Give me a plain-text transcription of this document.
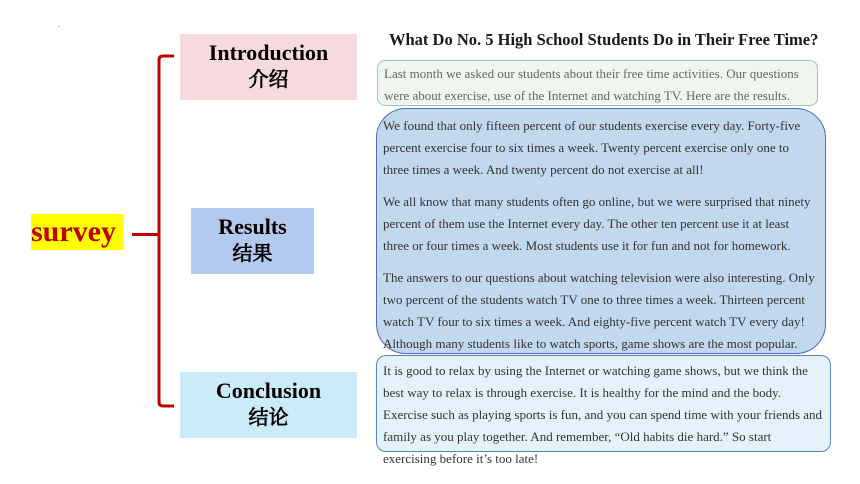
.
survey
Introduction
介绍
Results
结果
Conclusion
结论
What Do No. 5 High School Students Do in Their Free Time?
Last month we asked our students about their free time activities. Our questions were about exercise, use of the Internet and watching TV. Here are the results.

We found that only fifteen percent of our students exercise every day. Forty-five percent exercise four to six times a week. Twenty percent exercise only one to three times a week. And twenty percent do not exercise at all!

We all know that many students often go online, but we were surprised that ninety percent of them use the Internet every day. The other ten percent use it at least three or four times a week. Most students use it for fun and not for homework.

The answers to our questions about watching television were also interesting. Only two percent of the students watch TV one to three times a week. Thirteen percent watch TV four to six times a week. And eighty-five percent watch TV every day! Although many students like to watch sports, game shows are the most popular.

It is good to relax by using the Internet or watching game shows, but we think the best way to relax is through exercise. It is healthy for the mind and the body. Exercise such as playing sports is fun, and you can spend time with your friends and family as you play together. And remember, “Old habits die hard.” So start exercising before it’s too late!
